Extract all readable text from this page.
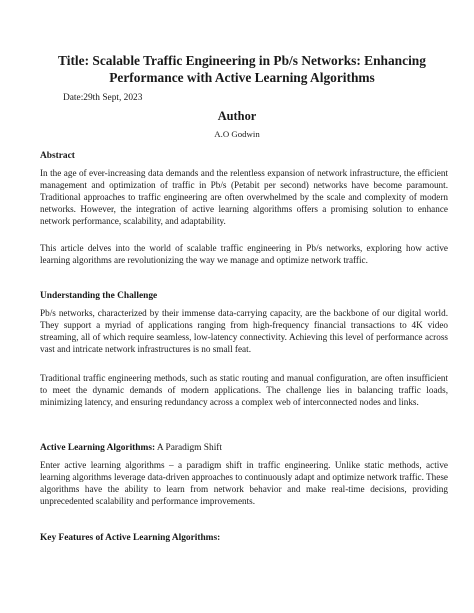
Title: Scalable Traffic Engineering in Pb/s Networks: Enhancing Performance with Active Learning Algorithms

Date:29th Sept, 2023

Author

A.O Godwin

Abstract

In the age of ever-increasing data demands and the relentless expansion of network infrastructure, the efficient management and optimization of traffic in Pb/s (Petabit per second) networks have become paramount. Traditional approaches to traffic engineering are often overwhelmed by the scale and complexity of modern networks. However, the integration of active learning algorithms offers a promising solution to enhance network performance, scalability, and adaptability.

This article delves into the world of scalable traffic engineering in Pb/s networks, exploring how active learning algorithms are revolutionizing the way we manage and optimize network traffic.

Understanding the Challenge

Pb/s networks, characterized by their immense data-carrying capacity, are the backbone of our digital world. They support a myriad of applications ranging from high-frequency financial transactions to 4K video streaming, all of which require seamless, low-latency connectivity. Achieving this level of performance across vast and intricate network infrastructures is no small feat.

Traditional traffic engineering methods, such as static routing and manual configuration, are often insufficient to meet the dynamic demands of modern applications. The challenge lies in balancing traffic loads, minimizing latency, and ensuring redundancy across a complex web of interconnected nodes and links.

Active Learning Algorithms: A Paradigm Shift

Enter active learning algorithms – a paradigm shift in traffic engineering. Unlike static methods, active learning algorithms leverage data-driven approaches to continuously adapt and optimize network traffic. These algorithms have the ability to learn from network behavior and make real-time decisions, providing unprecedented scalability and performance improvements.

Key Features of Active Learning Algorithms:
